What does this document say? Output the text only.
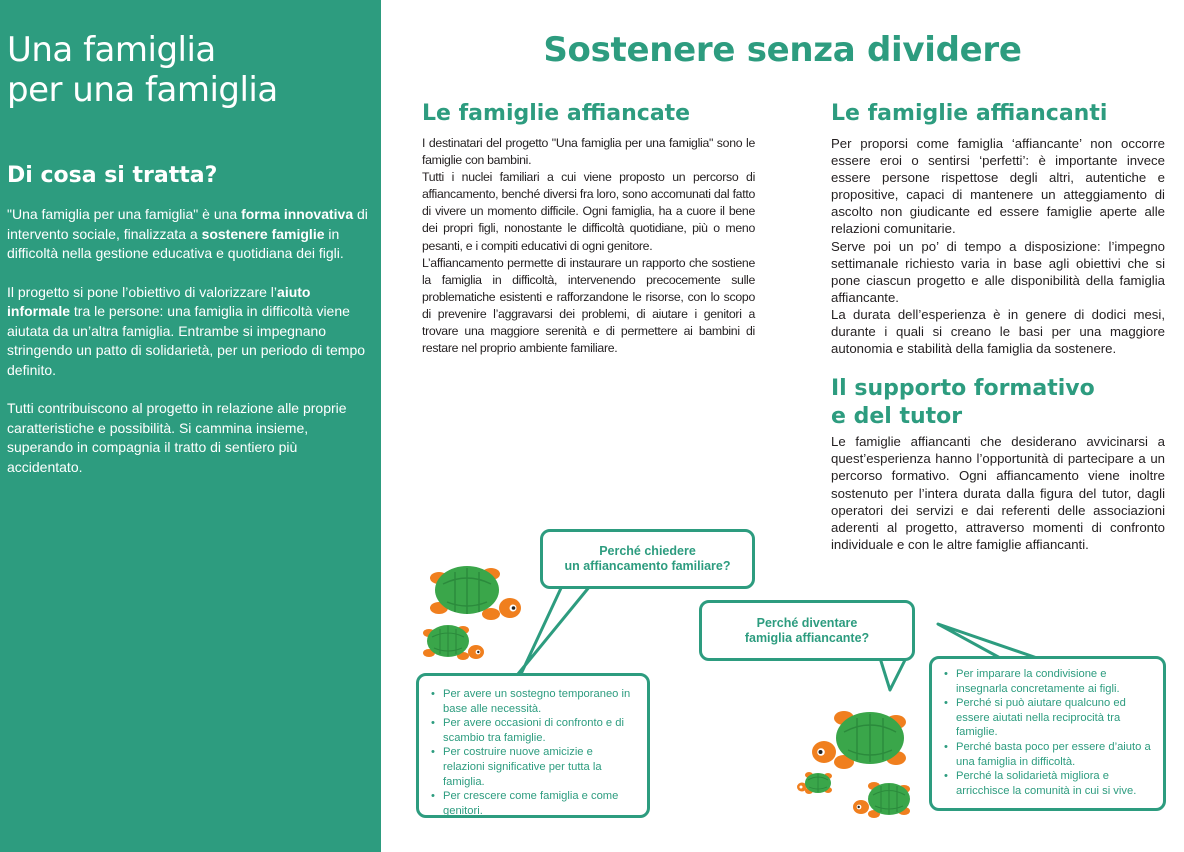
Una famiglia
per una famiglia
Di cosa si tratta?

"Una famiglia per una famiglia" è una forma innovativa di intervento sociale, finalizzata a sostenere famiglie in difficoltà nella gestione educativa e quotidiana dei figli.

Il progetto si pone l’obiettivo di valorizzare l’aiuto informale tra le persone: una famiglia in difficoltà viene aiutata da un’altra famiglia. Entrambe si impegnano stringendo un patto di solidarietà, per un periodo di tempo definito.

Tutti contribuiscono al progetto in relazione alle proprie caratteristiche e possibilità. Si cammina insieme, superando in compagnia il tratto di sentiero più accidentato.

Sostenere senza dividere
Le famiglie affiancate

I destinatari del progetto "Una famiglia per una famiglia" sono le famiglie con bambini.
Tutti i nuclei familiari a cui viene proposto un percorso di affiancamento, benché diversi fra loro, sono accomunati dal fatto di vivere un momento difficile. Ogni famiglia, ha a cuore il bene dei propri figli, nonostante le difficoltà quotidiane, più o meno pesanti, e i compiti educativi di ogni genitore.
L’affiancamento permette di instaurare un rapporto che sostiene la famiglia in difficoltà, intervenendo precocemente sulle problematiche esistenti e rafforzandone le risorse, con lo scopo di prevenire l’aggravarsi dei problemi, di aiutare i genitori a trovare una maggiore serenità e di permettere ai bambini di restare nel proprio ambiente familiare.

Le famiglie affiancanti

Per proporsi come famiglia ‘affiancante’ non occorre essere eroi o sentirsi ‘perfetti’: è importante invece essere persone rispettose degli altri, autentiche e propositive, capaci di mantenere un atteggiamento di ascolto non giudicante ed essere famiglie aperte alle relazioni comunitarie.
Serve poi un po’ di tempo a disposizione: l’impegno settimanale richiesto varia in base agli obiettivi che si pone ciascun progetto e alle disponibilità della famiglia affiancante.
La durata dell’esperienza è in genere di dodici mesi, durante i quali si creano le basi per una maggiore autonomia e stabilità della famiglia da sostenere.

Il supporto formativo
e del tutor

Le famiglie affiancanti che desiderano avvicinarsi a quest’esperienza hanno l’opportunità di partecipare a un percorso formativo. Ogni affiancamento viene inoltre sostenuto per l’intera durata dalla figura del tutor, dagli operatori dei servizi e dai referenti delle associazioni aderenti al progetto, attraverso momenti di confronto individuale e con le altre famiglie affiancanti.

Perché chiedere
un affiancamento familiare?
Perché diventare
famiglia affiancante?
• Per avere un sostegno temporaneo in base alle necessità.
• Per avere occasioni di confronto e di scambio tra famiglie.
• Per costruire nuove amicizie e relazioni significative per tutta la famiglia.
• Per crescere come famiglia e come genitori.
• Per imparare la condivisione e insegnarla concretamente ai figli.
• Perché si può aiutare qualcuno ed essere aiutati nella reciprocità tra famiglie.
• Perché basta poco per essere d’aiuto a una famiglia in difficoltà.
• Perché la solidarietà migliora e arricchisce la comunità in cui si vive.
